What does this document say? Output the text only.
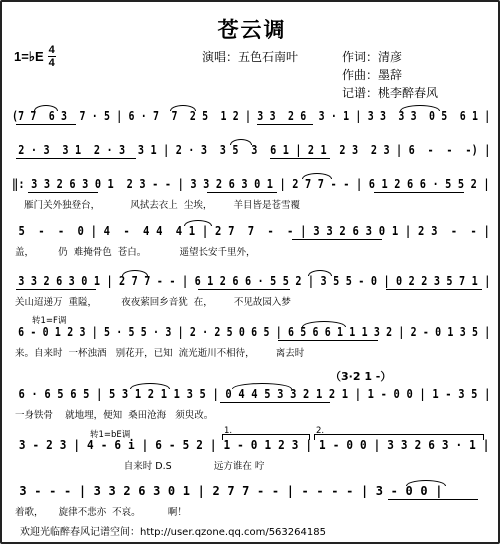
苍云调
1= ♭E $\frac{4}{4}$	演唱：五色石南叶	作词：清彦
作曲：墨辞
记谱：桃李醉春风
(7 7  6 3  7 · 5 | 6 · 7  7  2 5  1 2 | 3 3  2 6  3 · 1 | 3 3  3 3  0 5  6 1 |
2 · 3  3 1  2 · 3  3 1 | 2 · 3  3 5  3  6 1 | 2 1  2 3  2 3 | 6  -  -  -) |
‖: 3 3 2 6 3 0 1  2 3 - - | 3 3 2 6 3 0 1 | 2 7 7 - - | 6 1 2 6 6 · 5 5 2 |
雁门关外独登台，          风拭去衣上  尘埃，       羊目皆是苍雪覆
5  -  -  0 | 4  -  4 4  4 1 | 2 7  7  -  - | 3 3 2 6 3 0 1 | 2 3  -  - |
盖，        仍  难掩骨色  苍白。           遥望长安千里外，
3 3 2 6 3 0 1 | 2 7 7 - - | 6 1 2 6 6 · 5 5 2 | 3 5 5 - 0 | 0 2 2 3 5 7 1 |
关山迢递万  重隘，        夜夜萦回乡音犹  在，       不见故园入梦
转1=F调
6 - 0 1 2 3 | 5 · 5 5 · 3 | 2 · 2 5 0 6 5 | 6 5 6 6 1 1 1 3 2 | 2 - 0 1 3 5 |
来。自来时  一杯浊酒   别花开，已知  流光逝川不相待，       离去时
（3·2 1 -）
6 · 6 5 6 5 | 5 3 1 2 1 1 3 5 | 0 4 4 5 3 3 2 1 2 1 | 1 - 0 0 | 1 - 3 5 |
一身铁骨    就地埋，便知  桑田沧海   须臾改。
转1=bE调	1.	2.
3 - 2 3 | 4 - 6 i | 6 - 5 2 | 1 - 0 1 2 3 | 1 - 0 0 | 3 3 2 6 3 · 1 |
自来时 D.S              远方谁在 咛
3 - - - | 3 3 2 6 3 0 1 | 2 7 7 - - | - - - - | 3 - 0 0 |
着歌，     旋律不悲亦  不哀。         啊！
欢迎光临醉春风记谱空间：http://user.qzone.qq.com/563264185
